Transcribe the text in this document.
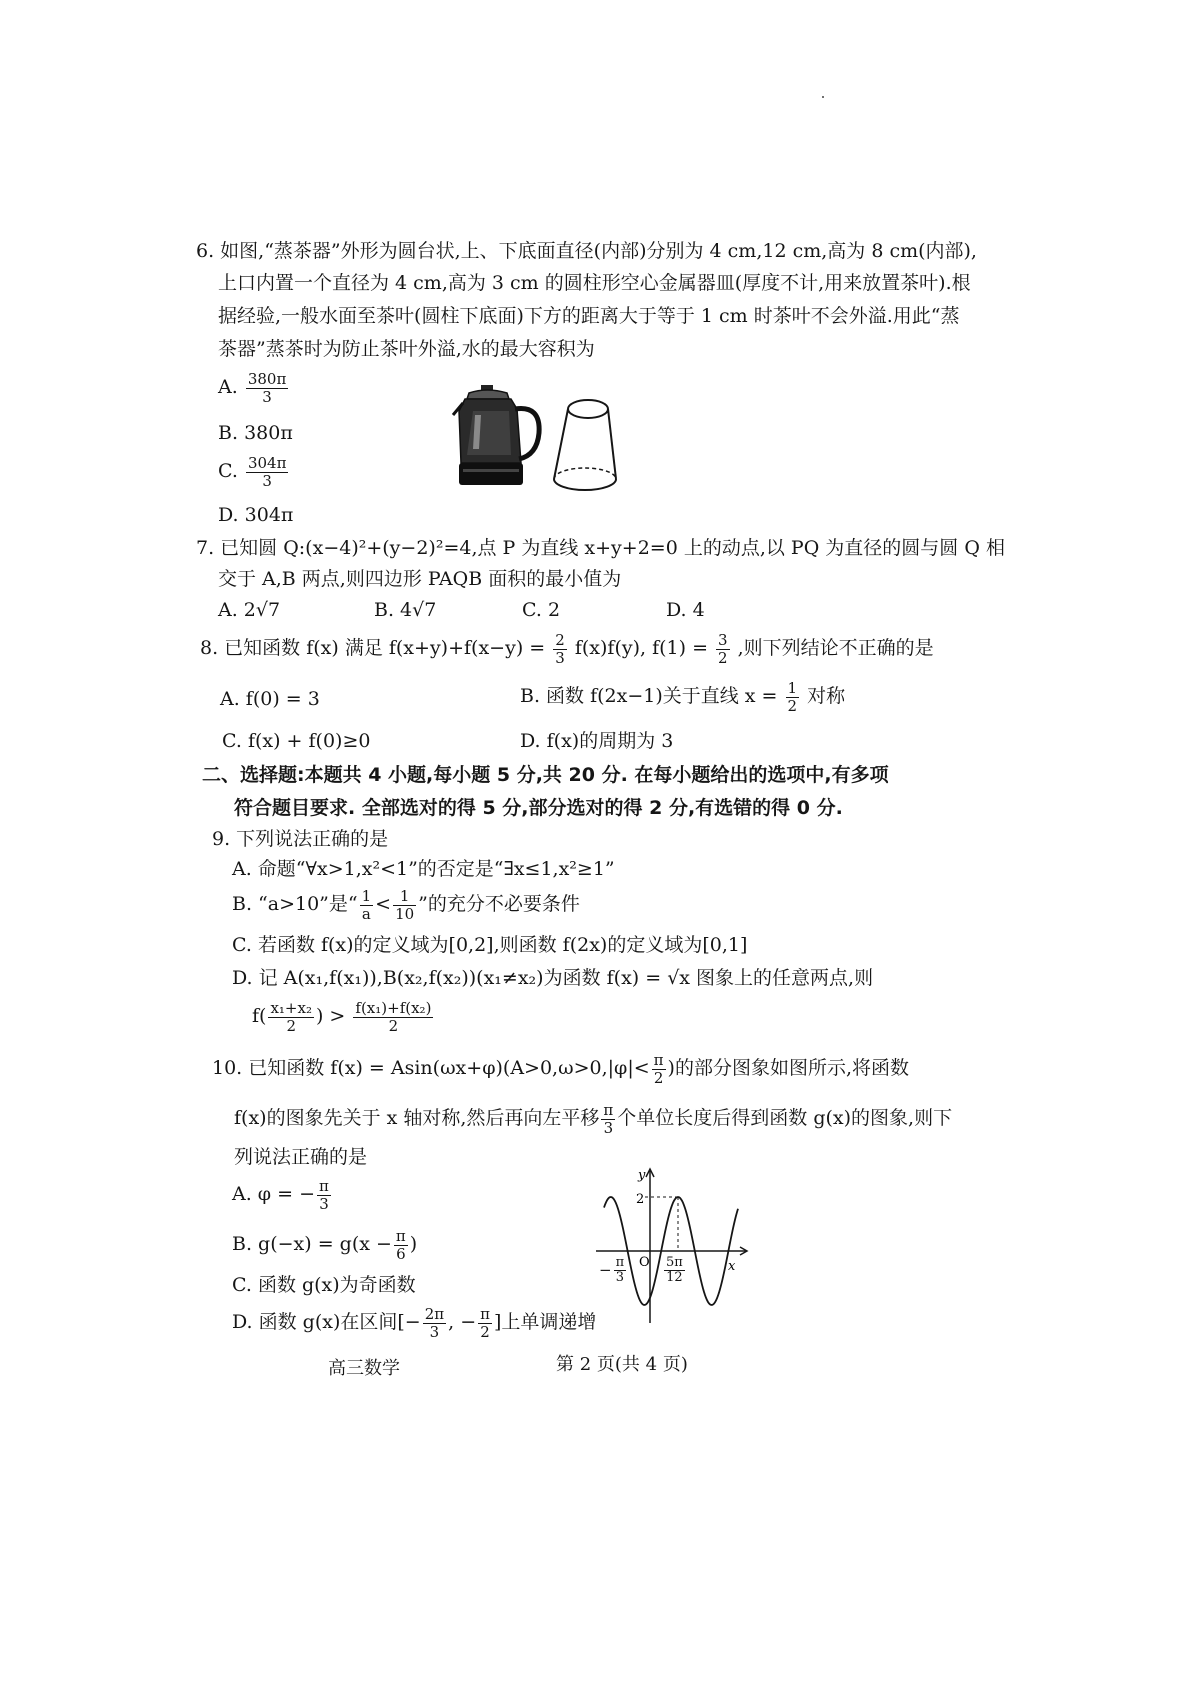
6. 如图,“蒸茶器”外形为圆台状,上、下底面直径(内部)分别为 4 cm,12 cm,高为 8 cm(内部),
上口内置一个直径为 4 cm,高为 3 cm 的圆柱形空心金属器皿(厚度不计,用来放置茶叶).根
据经验,一般水面至茶叶(圆柱下底面)下方的距离大于等于 1 cm 时茶叶不会外溢.用此“蒸
茶器”蒸茶时为防止茶叶外溢,水的最大容积为
A. $\frac{380\pi}{3}$
B. 380π
C. $\frac{304\pi}{3}$
D. 304π
7. 已知圆 Q:(x−4)²+(y−2)²=4,点 P 为直线 x+y+2=0 上的动点,以 PQ 为直径的圆与圆 Q 相
交于 A,B 两点,则四边形 PAQB 面积的最小值为
A. 2√7	B. 4√7	C. 2	D. 4
8. 已知函数 f(x) 满足 $f(x+y)+f(x-y) = \frac{2}{3} f(x)f(y)$, $f(1) = \frac{3}{2}$ ,则下列结论不正确的是
A. f(0) = 3	B. 函数 f(2x−1)关于直线 $x = \frac{1}{2}$ 对称
C. f(x) + f(0)≥0	D. f(x)的周期为 3
二、选择题:本题共 4 小题,每小题 5 分,共 20 分. 在每小题给出的选项中,有多项
符合题目要求. 全部选对的得 5 分,部分选对的得 2 分,有选错的得 0 分.
9. 下列说法正确的是
A. 命题“∀x>1,x²<1”的否定是“∃x≤1,x²≥1”
B. “a>10”是“ $\frac{1}{a} < \frac{1}{10}$ ”的充分不必要条件
C. 若函数 f(x)的定义域为[0,2],则函数 f(2x)的定义域为[0,1]
D. 记 A(x₁,f(x₁)),B(x₂,f(x₂))(x₁≠x₂)为函数 f(x) = √x 图象上的任意两点,则
$f( \frac{\text{x₁+x₂}}{2}$ ) > $\frac{\text{f(x₁)+f(x₂)}}{2}$
10. 已知函数 $f(x) = Asin(\omega x+\varphi)(A>0,\omega>0,|\varphi|< \frac{\pi}{2}$ )的部分图象如图所示,将函数
f(x)的图象先关于 x 轴对称,然后再向左平移 $\frac{\pi}{3}$ 个单位长度后得到函数 g(x)的图象,则下
列说法正确的是
A. φ = − $\frac{\pi}{3}$
B. $g(-x) = g(x - \frac{\pi}{6}$ )
C. 函数 g(x)为奇函数
D. 函数 g(x)在区间[− $\frac{2\pi}{3}$ , − $\frac{\pi}{2}$ ]上单调递增
y
x
O
2
− $\frac{\pi}{3}$	$\frac{5\pi}{12}$
高三数学	第 2 页(共 4 页)
